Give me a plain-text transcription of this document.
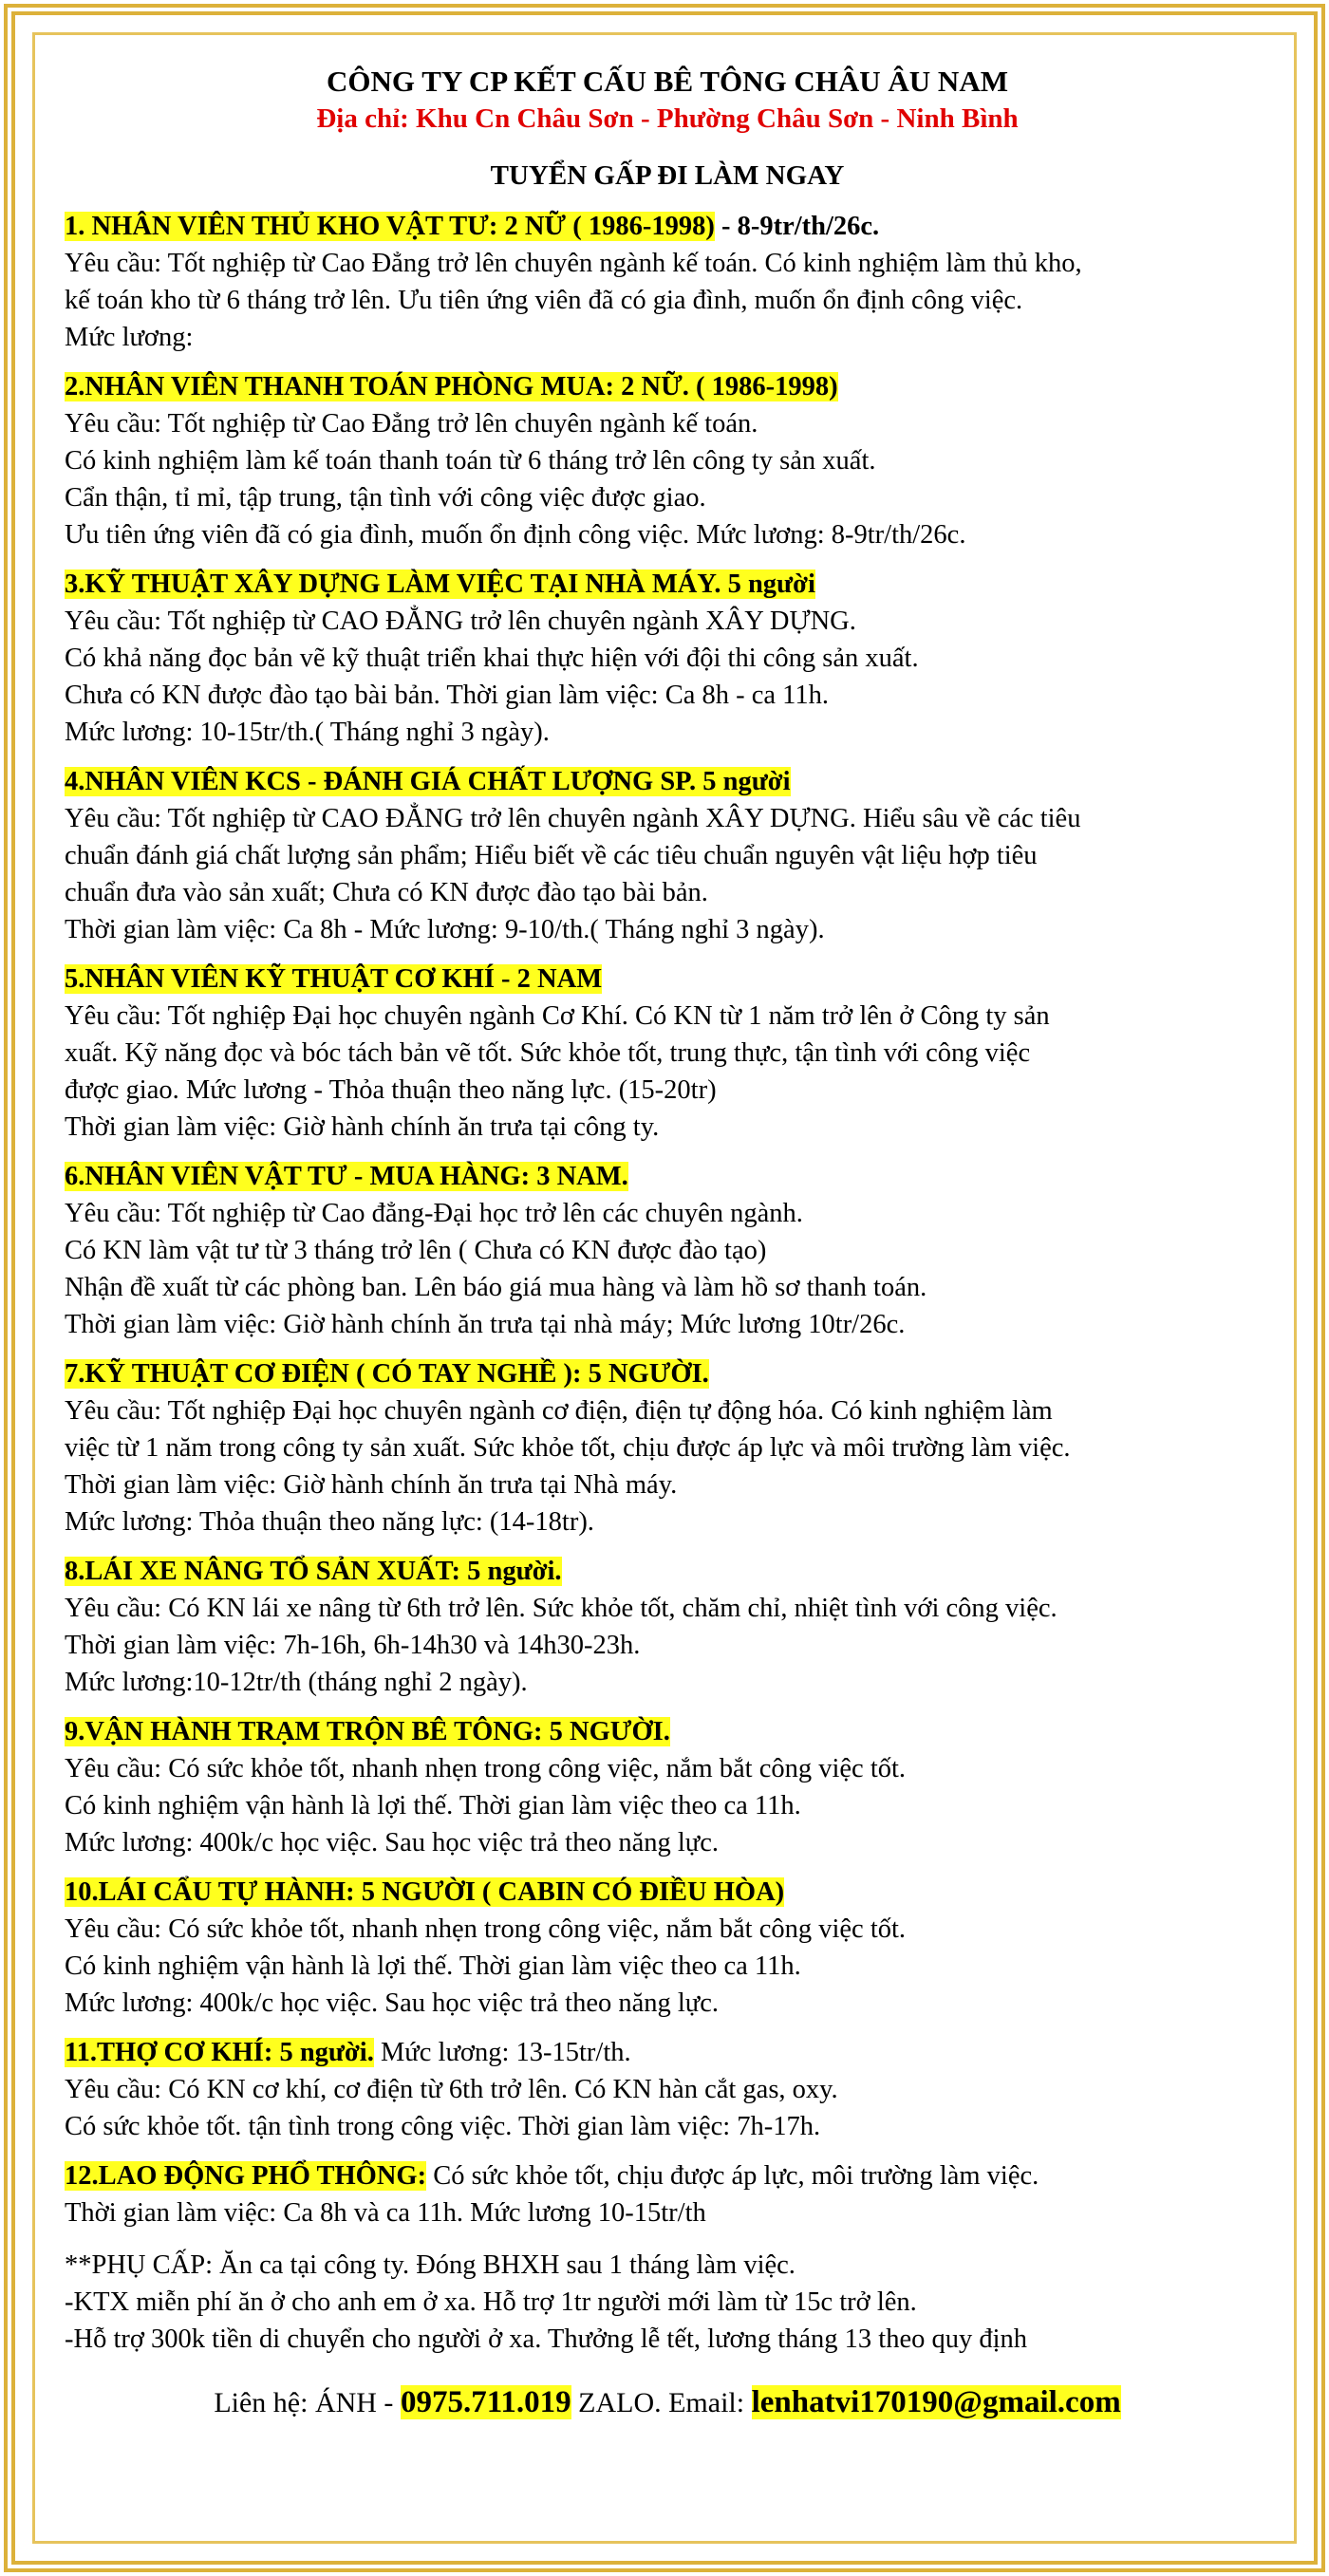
CÔNG TY CP KẾT CẤU BÊ TÔNG CHÂU ÂU NAM

Địa chỉ: Khu Cn Châu Sơn - Phường Châu Sơn - Ninh Bình

TUYỂN GẤP ĐI LÀM NGAY

1. NHÂN VIÊN THỦ KHO VẬT TƯ: 2 NỮ ( 1986-1998) - 8-9tr/th/26c.

Yêu cầu: Tốt nghiệp từ Cao Đẳng trở lên chuyên ngành kế toán. Có kinh nghiệm làm thủ kho,

kế toán kho từ 6 tháng trở lên. Ưu tiên ứng viên đã có gia đình, muốn ổn định công việc.

Mức lương:

2.NHÂN VIÊN THANH TOÁN PHÒNG MUA: 2 NỮ. ( 1986-1998)

Yêu cầu: Tốt nghiệp từ Cao Đẳng trở lên chuyên ngành kế toán.

Có kinh nghiệm làm kế toán thanh toán từ 6 tháng trở lên công ty sản xuất.

Cẩn thận, tỉ mỉ, tập trung, tận tình với công việc được giao.

Ưu tiên ứng viên đã có gia đình, muốn ổn định công việc. Mức lương: 8-9tr/th/26c.

3.KỸ THUẬT XÂY DỰNG LÀM VIỆC TẠI NHÀ MÁY. 5 người

Yêu cầu: Tốt nghiệp từ CAO ĐẲNG trở lên chuyên ngành XÂY DỰNG.

Có khả năng đọc bản vẽ kỹ thuật triển khai thực hiện với đội thi công sản xuất.

Chưa có KN được đào tạo bài bản. Thời gian làm việc: Ca 8h - ca 11h.

Mức lương: 10-15tr/th.( Tháng nghỉ 3 ngày).

4.NHÂN VIÊN KCS - ĐÁNH GIÁ CHẤT LƯỢNG SP. 5 người

Yêu cầu: Tốt nghiệp từ CAO ĐẲNG trở lên chuyên ngành XÂY DỰNG. Hiểu sâu về các tiêu

chuẩn đánh giá chất lượng sản phẩm; Hiểu biết về các tiêu chuẩn nguyên vật liệu hợp tiêu

chuẩn đưa vào sản xuất; Chưa có KN được đào tạo bài bản.

Thời gian làm việc: Ca 8h - Mức lương: 9-10/th.( Tháng nghỉ 3 ngày).

5.NHÂN VIÊN KỸ THUẬT CƠ KHÍ - 2 NAM

Yêu cầu: Tốt nghiệp Đại học chuyên ngành Cơ Khí. Có KN từ 1 năm trở lên ở Công ty sản

xuất. Kỹ năng đọc và bóc tách bản vẽ tốt. Sức khỏe tốt, trung thực, tận tình với công việc

được giao. Mức lương - Thỏa thuận theo năng lực. (15-20tr)

Thời gian làm việc: Giờ hành chính ăn trưa tại công ty.

6.NHÂN VIÊN VẬT TƯ - MUA HÀNG: 3 NAM.

Yêu cầu: Tốt nghiệp từ Cao đẳng-Đại học trở lên các chuyên ngành.

Có KN làm vật tư từ 3 tháng trở lên ( Chưa có KN được đào tạo)

Nhận đề xuất từ các phòng ban. Lên báo giá mua hàng và làm hồ sơ thanh toán.

Thời gian làm việc: Giờ hành chính ăn trưa tại nhà máy; Mức lương 10tr/26c.

7.KỸ THUẬT CƠ ĐIỆN ( CÓ TAY NGHỀ ): 5 NGƯỜI.

Yêu cầu: Tốt nghiệp Đại học chuyên ngành cơ điện, điện tự động hóa. Có kinh nghiệm làm

việc từ 1 năm trong công ty sản xuất. Sức khỏe tốt, chịu được áp lực và môi trường làm việc.

Thời gian làm việc: Giờ hành chính ăn trưa tại Nhà máy.

Mức lương: Thỏa thuận theo năng lực: (14-18tr).

8.LÁI XE NÂNG TỔ SẢN XUẤT: 5 người.

Yêu cầu: Có KN lái xe nâng từ 6th trở lên. Sức khỏe tốt, chăm chỉ, nhiệt tình với công việc.

Thời gian làm việc: 7h-16h, 6h-14h30 và 14h30-23h.

Mức lương:10-12tr/th (tháng nghỉ 2 ngày).

9.VẬN HÀNH TRẠM TRỘN BÊ TÔNG: 5 NGƯỜI.

Yêu cầu: Có sức khỏe tốt, nhanh nhẹn trong công việc, nắm bắt công việc tốt.

Có kinh nghiệm vận hành là lợi thế. Thời gian làm việc theo ca 11h.

Mức lương: 400k/c học việc. Sau học việc trả theo năng lực.

10.LÁI CẨU TỰ HÀNH: 5 NGƯỜI ( CABIN CÓ ĐIỀU HÒA)

Yêu cầu: Có sức khỏe tốt, nhanh nhẹn trong công việc, nắm bắt công việc tốt.

Có kinh nghiệm vận hành là lợi thế. Thời gian làm việc theo ca 11h.

Mức lương: 400k/c học việc. Sau học việc trả theo năng lực.

11.THỢ CƠ KHÍ: 5 người. Mức lương: 13-15tr/th.

Yêu cầu: Có KN cơ khí, cơ điện từ 6th trở lên. Có KN hàn cắt gas, oxy.

Có sức khỏe tốt. tận tình trong công việc. Thời gian làm việc: 7h-17h.

12.LAO ĐỘNG PHỔ THÔNG: Có sức khỏe tốt, chịu được áp lực, môi trường làm việc.

Thời gian làm việc: Ca 8h và ca 11h. Mức lương 10-15tr/th

**PHỤ CẤP: Ăn ca tại công ty. Đóng BHXH sau 1 tháng làm việc.

-KTX miễn phí ăn ở cho anh em ở xa. Hỗ trợ 1tr người mới làm từ 15c trở lên.

-Hỗ trợ 300k tiền di chuyển cho người ở xa. Thưởng lễ tết, lương tháng 13 theo quy định

Liên hệ: ÁNH - 0975.711.019 ZALO. Email: lenhatvi170190@gmail.com
